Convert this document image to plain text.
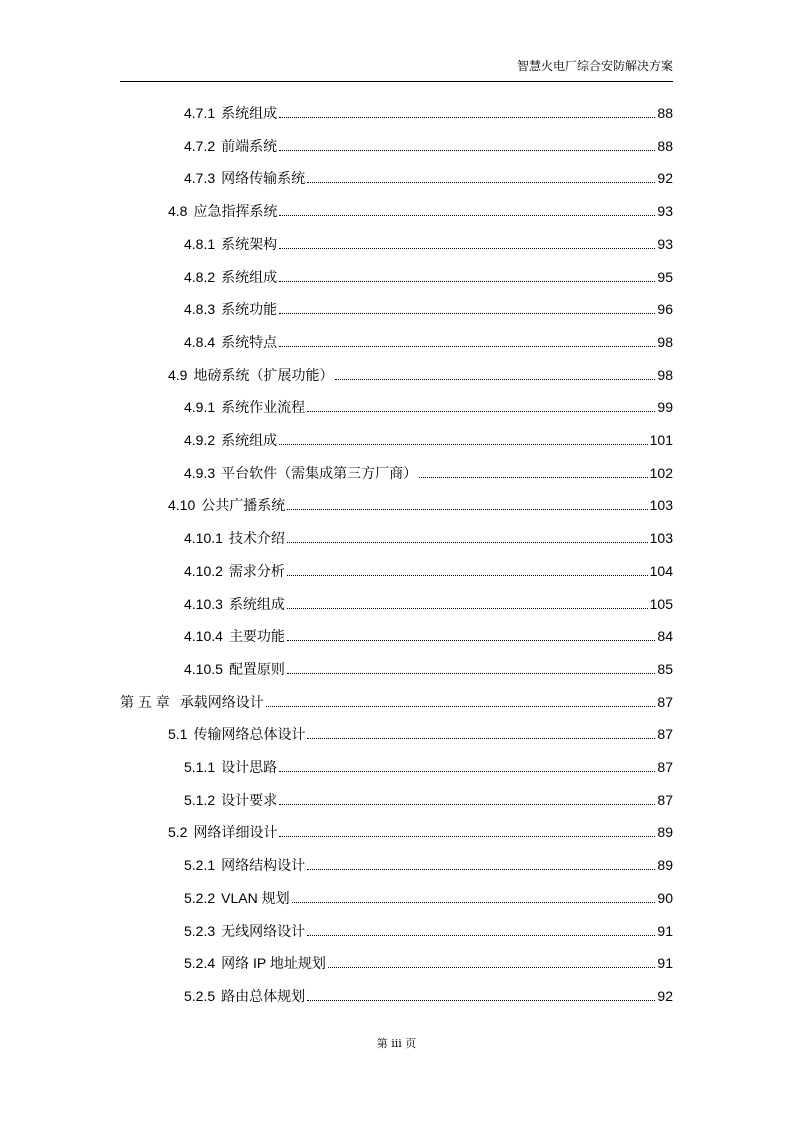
智慧火电厂综合安防解决方案
4.7.1 系统组成	88
4.7.2 前端系统	88
4.7.3 网络传输系统	92
4.8 应急指挥系统	93
4.8.1 系统架构	93
4.8.2 系统组成	95
4.8.3 系统功能	96
4.8.4 系统特点	98
4.9 地磅系统（扩展功能）	98
4.9.1 系统作业流程	99
4.9.2 系统组成	101
4.9.3 平台软件（需集成第三方厂商）	102
4.10 公共广播系统	103
4.10.1 技术介绍	103
4.10.2 需求分析	104
4.10.3 系统组成	105
4.10.4 主要功能	84
4.10.5 配置原则	85
第 五 章 承载网络设计	87
5.1 传输网络总体设计	87
5.1.1 设计思路	87
5.1.2 设计要求	87
5.2 网络详细设计	89
5.2.1 网络结构设计	89
5.2.2 VLAN 规划	90
5.2.3 无线网络设计	91
5.2.4 网络 IP 地址规划	91
5.2.5 路由总体规划	92
第 iii 页
